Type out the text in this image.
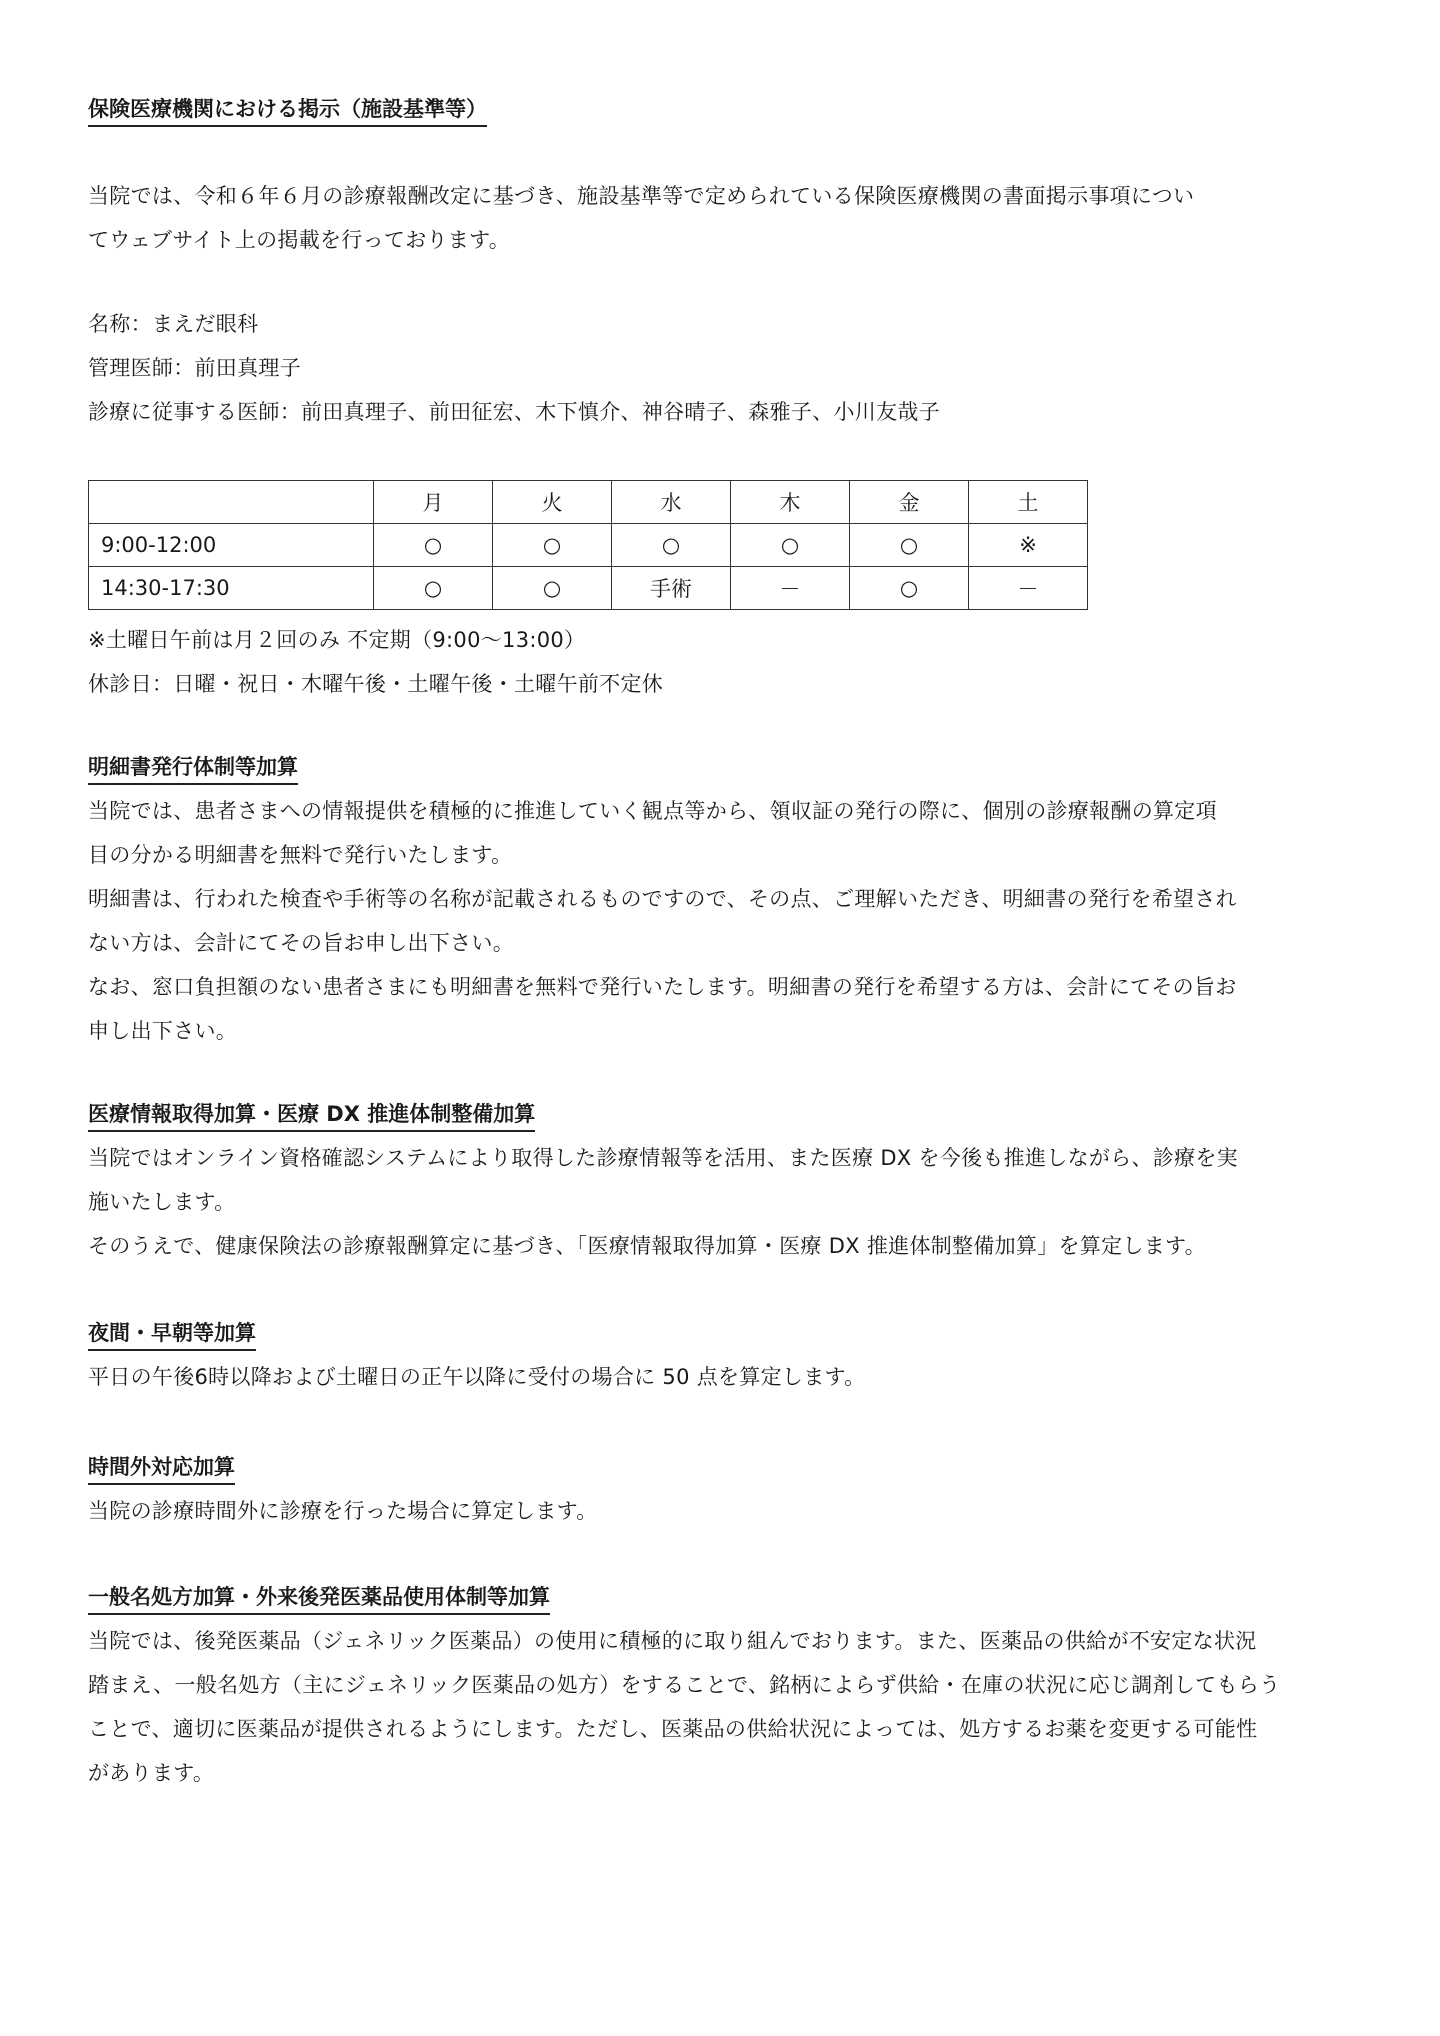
保険医療機関における掲示（施設基準等）

当院では、令和６年６月の診療報酬改定に基づき、施設基準等で定められている保険医療機関の書面掲示事項につい

てウェブサイト上の掲載を行っております。

名称：まえだ眼科

管理医師：前田真理子

診療に従事する医師：前田真理子、前田征宏、木下慎介、神谷晴子、森雅子、小川友哉子

	月	火	水	木	金	土
9:00-12:00	○	○	○	○	○	※
14:30-17:30	○	○	手術	－	○	－

※土曜日午前は月２回のみ 不定期（9:00～13:00）

休診日：日曜・祝日・木曜午後・土曜午後・土曜午前不定休

明細書発行体制等加算

当院では、患者さまへの情報提供を積極的に推進していく観点等から、領収証の発行の際に、個別の診療報酬の算定項

目の分かる明細書を無料で発行いたします。

明細書は、行われた検査や手術等の名称が記載されるものですので、その点、ご理解いただき、明細書の発行を希望され

ない方は、会計にてその旨お申し出下さい。

なお、窓口負担額のない患者さまにも明細書を無料で発行いたします。明細書の発行を希望する方は、会計にてその旨お

申し出下さい。

医療情報取得加算・医療 DX 推進体制整備加算

当院ではオンライン資格確認システムにより取得した診療情報等を活用、また医療 DX を今後も推進しながら、診療を実

施いたします。

そのうえで、健康保険法の診療報酬算定に基づき、「医療情報取得加算・医療 DX 推進体制整備加算」を算定します。

夜間・早朝等加算

平日の午後6時以降および土曜日の正午以降に受付の場合に 50 点を算定します。

時間外対応加算

当院の診療時間外に診療を行った場合に算定します。

一般名処方加算・外来後発医薬品使用体制等加算

当院では、後発医薬品（ジェネリック医薬品）の使用に積極的に取り組んでおります。また、医薬品の供給が不安定な状況

踏まえ、一般名処方（主にジェネリック医薬品の処方）をすることで、銘柄によらず供給・在庫の状況に応じ調剤してもらう

ことで、適切に医薬品が提供されるようにします。ただし、医薬品の供給状況によっては、処方するお薬を変更する可能性

があります。
